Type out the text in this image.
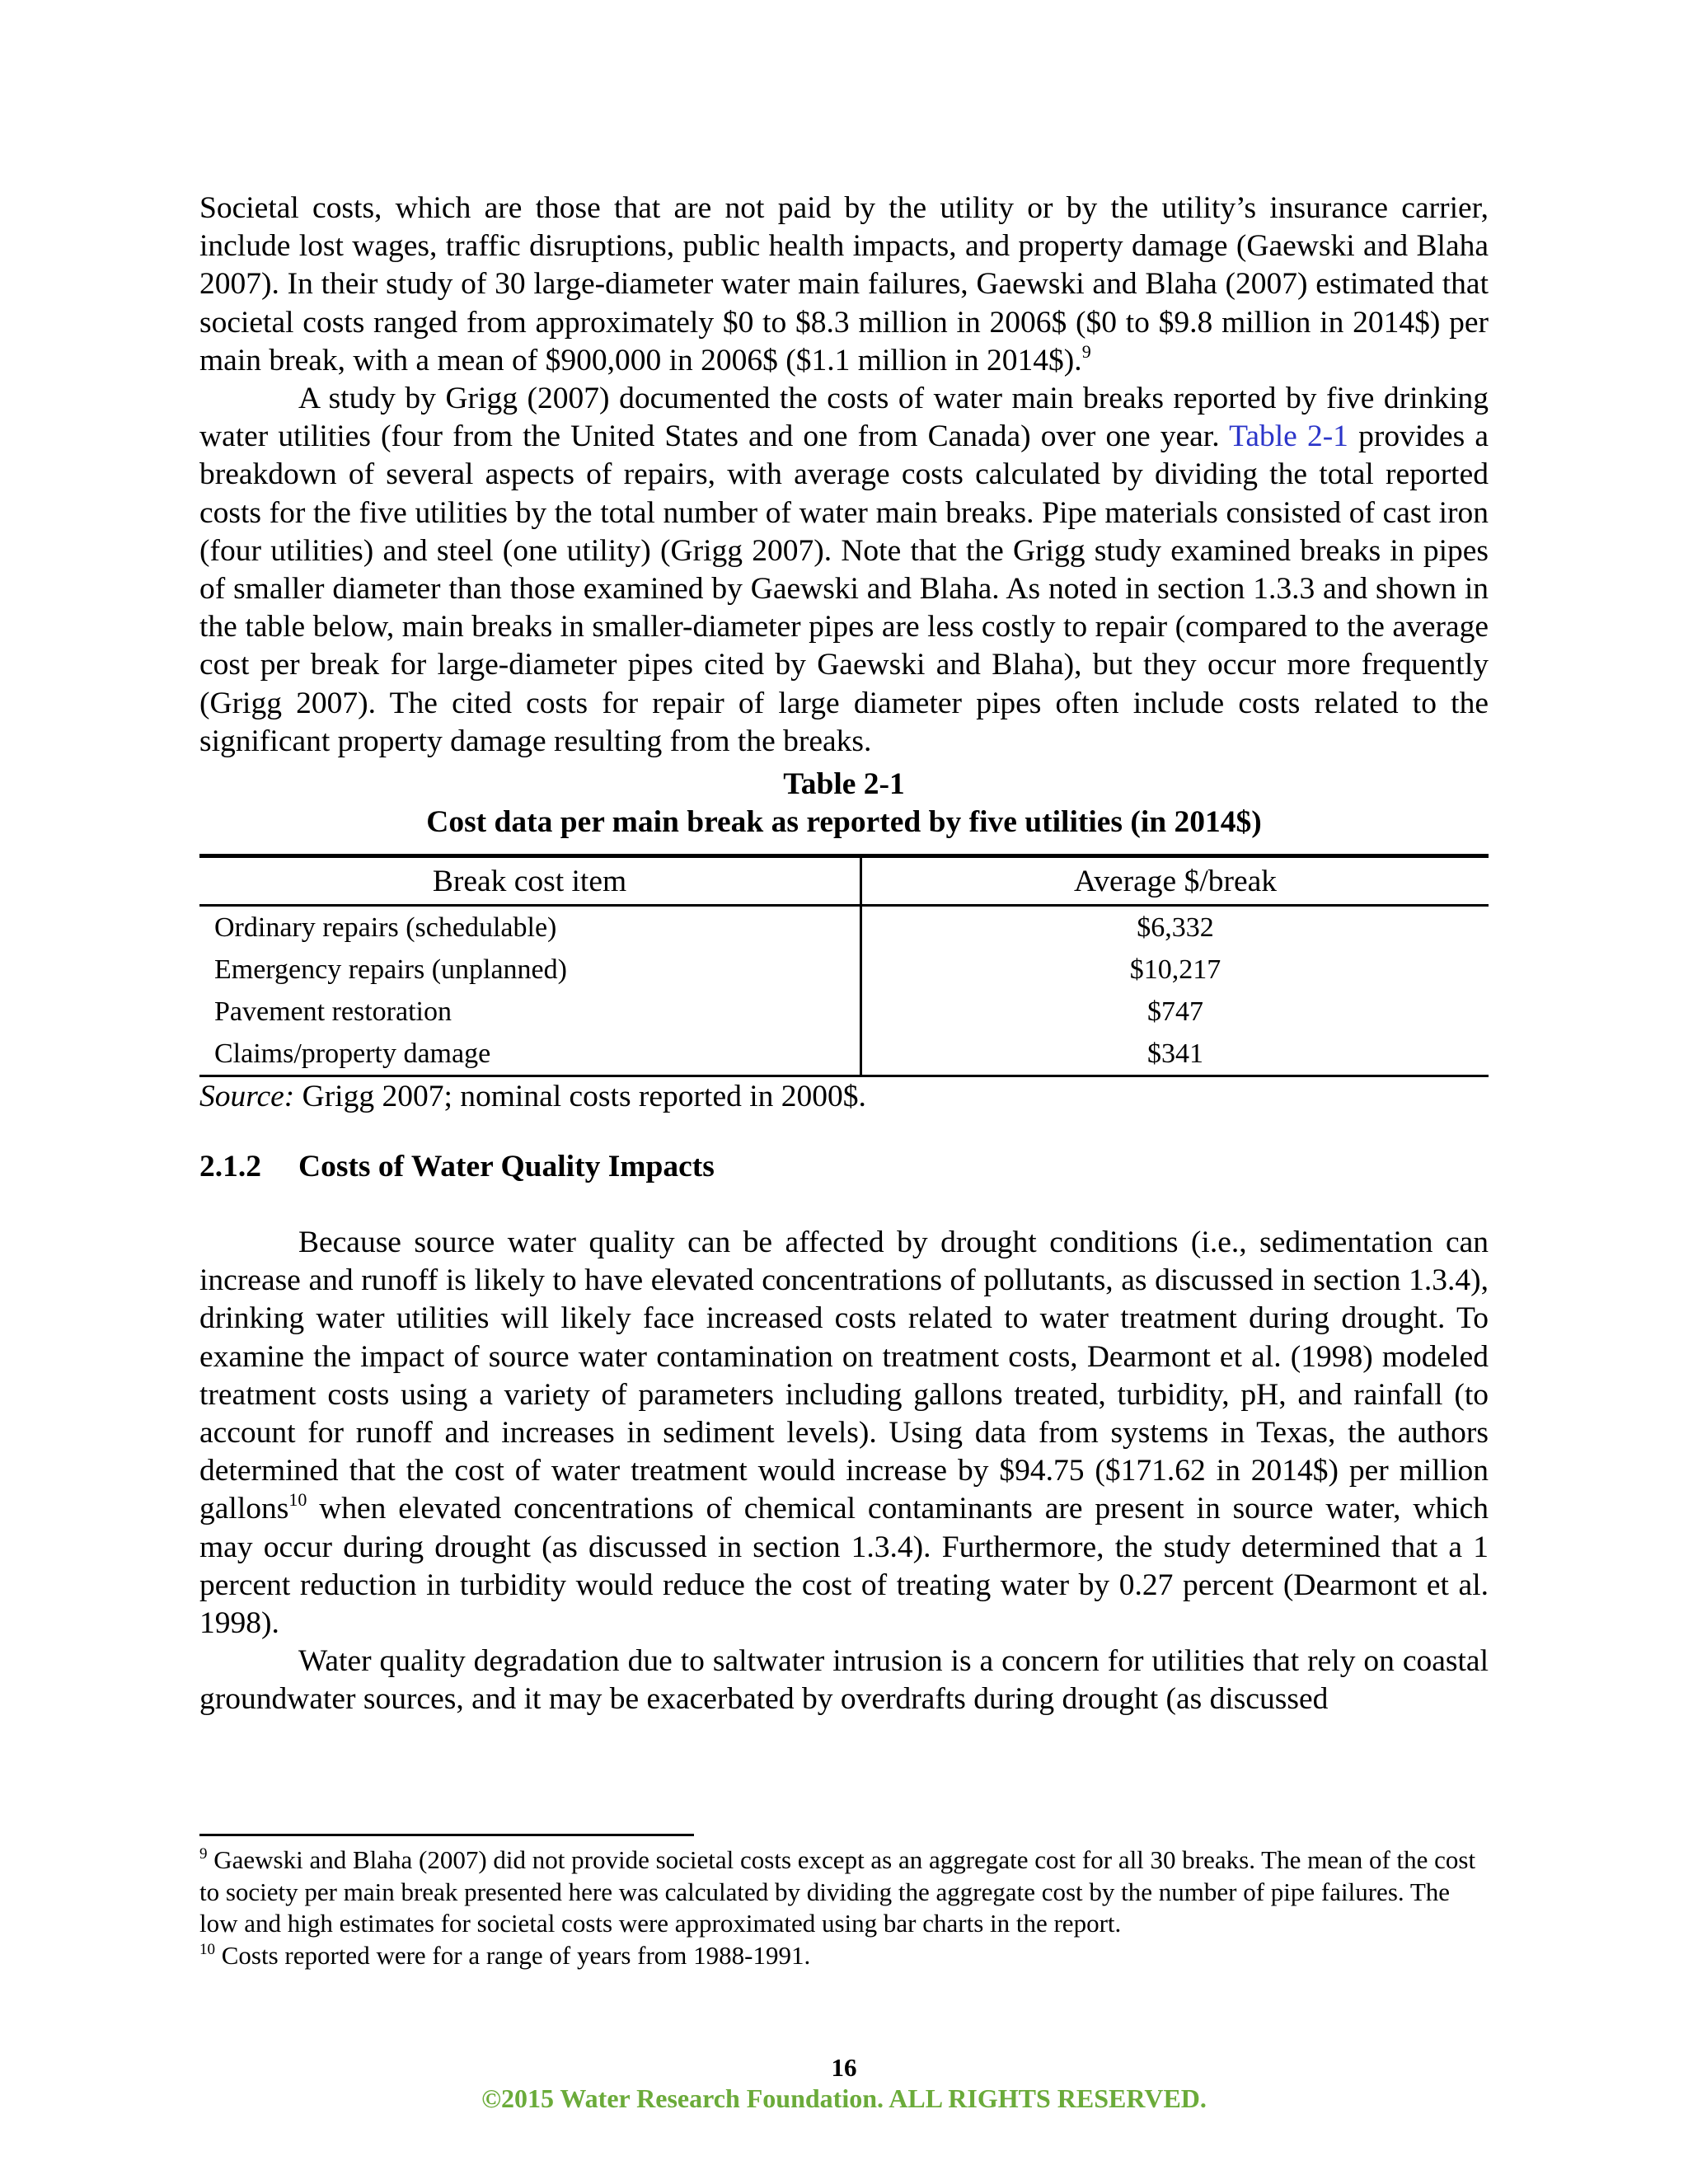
Societal costs, which are those that are not paid by the utility or by the utility’s insurance carrier, include lost wages, traffic disruptions, public health impacts, and property damage (Gaewski and Blaha 2007). In their study of 30 large-diameter water main failures, Gaewski and Blaha (2007) estimated that societal costs ranged from approximately $0 to $8.3 million in 2006$ ($0 to $9.8 million in 2014$) per main break, with a mean of $900,000 in 2006$ ($1.1 million in 2014$).$^9$

A study by Grigg (2007) documented the costs of water main breaks reported by five drinking water utilities (four from the United States and one from Canada) over one year. Table 2-1 provides a breakdown of several aspects of repairs, with average costs calculated by dividing the total reported costs for the five utilities by the total number of water main breaks. Pipe materials consisted of cast iron (four utilities) and steel (one utility) (Grigg 2007). Note that the Grigg study examined breaks in pipes of smaller diameter than those examined by Gaewski and Blaha. As noted in section 1.3.3 and shown in the table below, main breaks in smaller-diameter pipes are less costly to repair (compared to the average cost per break for large-diameter pipes cited by Gaewski and Blaha), but they occur more frequently (Grigg 2007). The cited costs for repair of large diameter pipes often include costs related to the significant property damage resulting from the breaks.

Table 2-1
Cost data per main break as reported by five utilities (in 2014$)
Break cost item	Average $/break
Ordinary repairs (schedulable)	$6,332
Emergency repairs (unplanned)	$10,217
Pavement restoration	$747
Claims/property damage	$341
Source: Grigg 2007; nominal costs reported in 2000$.
2.1.2 Costs of Water Quality Impacts

Because source water quality can be affected by drought conditions (i.e., sedimentation can increase and runoff is likely to have elevated concentrations of pollutants, as discussed in section 1.3.4), drinking water utilities will likely face increased costs related to water treatment during drought. To examine the impact of source water contamination on treatment costs, Dearmont et al. (1998) modeled treatment costs using a variety of parameters including gallons treated, turbidity, pH, and rainfall (to account for runoff and increases in sediment levels). Using data from systems in Texas, the authors determined that the cost of water treatment would increase by $94.75 ($171.62 in 2014$) per million gallons$^{10}$ when elevated concentrations of chemical contaminants are present in source water, which may occur during drought (as discussed in section 1.3.4). Furthermore, the study determined that a 1 percent reduction in turbidity would reduce the cost of treating water by 0.27 percent (Dearmont et al. 1998).

Water quality degradation due to saltwater intrusion is a concern for utilities that rely on coastal groundwater sources, and it may be exacerbated by overdrafts during drought (as discussed

$^9$ Gaewski and Blaha (2007) did not provide societal costs except as an aggregate cost for all 30 breaks. The mean of the cost to society per main break presented here was calculated by dividing the aggregate cost by the number of pipe failures. The low and high estimates for societal costs were approximated using bar charts in the report.

$^{10}$ Costs reported were for a range of years from 1988-1991.

16
©2015 Water Research Foundation. ALL RIGHTS RESERVED.
